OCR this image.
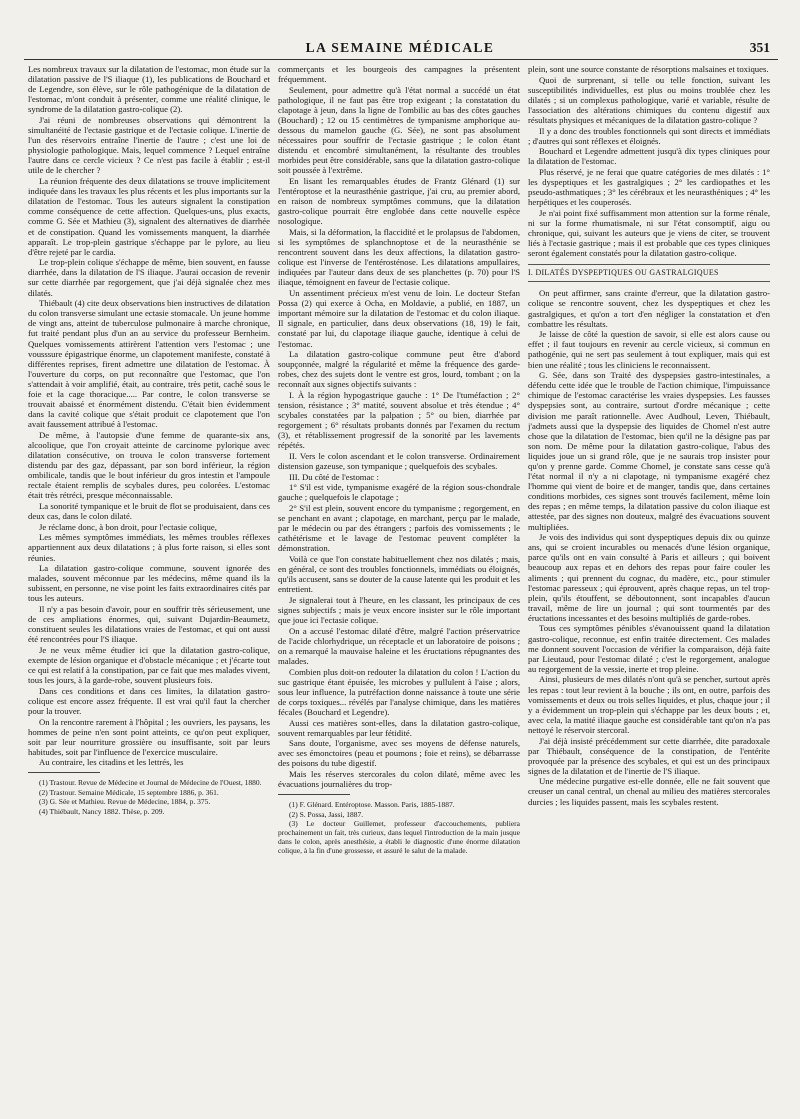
LA SEMAINE MÉDICALE	351

Les nombreux travaux sur la dilatation de l'estomac, mon étude sur la dilatation passive de l'S iliaque (1), les publications de Bouchard et de Legendre, son élève, sur le rôle pathogénique de la dilatation de l'estomac, m'ont conduit à présenter, comme une réalité clinique, le syndrome de la dilatation gastro-colique (2).

J'ai réuni de nombreuses observations qui démontrent la simultanéité de l'ectasie gastrique et de l'ectasie colique. L'inertie de l'un des réservoirs entraîne l'inertie de l'autre ; c'est une loi de physiologie pathologique. Mais, lequel commence ? Lequel entraîne l'autre dans ce cercle vicieux ? Ce n'est pas facile à établir ; est-il utile de le chercher ?

La réunion fréquente des deux dilatations se trouve implicitement indiquée dans les travaux les plus récents et les plus importants sur la dilatation de l'estomac. Tous les auteurs signalent la constipation comme conséquence de cette affection. Quelques-uns, plus exacts, comme G. Sée et Mathieu (3), signalent des alternatives de diarrhée et de constipation. Quand les vomissements manquent, la diarrhée apparaît. Le trop-plein gastrique s'échappe par le pylore, au lieu d'être rejeté par le cardia.

Le trop-plein colique s'échappe de même, bien souvent, en fausse diarrhée, dans la dilatation de l'S iliaque. J'aurai occasion de revenir sur cette diarrhée par regorgement, que j'ai déjà signalée chez mes dilatés.

Thiébault (4) cite deux observations bien instructives de dilatation du colon transverse simulant une ectasie stomacale. Un jeune homme de vingt ans, atteint de tuberculose pulmonaire à marche chronique, fut traité pendant plus d'un an au service du professeur Bernheim. Quelques vomissements attirèrent l'attention vers l'estomac ; une vousssure épigastrique énorme, un clapotement manifeste, constaté à différentes reprises, firent admettre une dilatation de l'estomac. À l'ouverture du corps, on put reconnaître que l'estomac, que l'on s'attendait à voir amplifié, était, au contraire, très petit, caché sous le foie et la cage thoracique..... Par contre, le colon transverse se trouvait abaissé et énormément distendu. C'était bien évidemment dans la cavité colique que s'était produit ce clapotement que l'on avait faussement attribué à l'estomac.

De même, à l'autopsie d'une femme de quarante-six ans, alcoolique, que l'on croyait atteinte de carcinome pylorique avec dilatation consécutive, on trouva le colon transverse fortement distendu par des gaz, dépassant, par son bord inférieur, la région ombilicale, tandis que le bout inférieur du gros intestin et l'ampoule rectale étaient remplis de scybales dures, peu colorées. L'estomac était très rétréci, presque méconnaissable.

La sonorité tympanique et le bruit de flot se produisaient, dans ces deux cas, dans le colon dilaté.

Je réclame donc, à bon droit, pour l'ectasie colique,

Les mêmes symptômes immédiats, les mêmes troubles réflexes appartiennent aux deux dilatations ; à plus forte raison, si elles sont réunies.

La dilatation gastro-colique commune, souvent ignorée des malades, souvent méconnue par les médecins, même quand ils la subissent, en personne, ne vise point les faits extraordinaires cités par tous les auteurs.

Il n'y a pas besoin d'avoir, pour en souffrir très sérieusement, une de ces ampliations énormes, qui, suivant Dujardin-Beaumetz, constituent seules les dilatations vraies de l'estomac, et qui ont aussi été rencontrées pour l'S iliaque.

Je ne veux même étudier ici que la dilatation gastro-colique, exempte de lésion organique et d'obstacle mécanique ; et j'écarte tout ce qui est relatif à la constipation, par ce fait que mes malades vivent, tous les jours, à la garde-robe, souvent plusieurs fois.

Dans ces conditions et dans ces limites, la dilatation gastro-colique est encore assez fréquente. Il est vrai qu'il faut la chercher pour la trouver.

On la rencontre rarement à l'hôpital ; les ouvriers, les paysans, les hommes de peine n'en sont point atteints, ce qu'on peut expliquer, soit par leur nourriture grossière ou insuffisante, soit par leurs habitudes, soit par l'influence de l'exercice musculaire.

Au contraire, les citadins et les lettrés, les

(1) Trastour. Revue de Médecine et Journal de Médecine de l'Ouest, 1880.

(2) Trastour. Semaine Médicale, 15 septembre 1886, p. 361.

(3) G. Sée et Mathieu. Revue de Médecine, 1884, p. 375.

(4) Thiébault, Nancy 1882. Thèse, p. 209.

commerçants et les bourgeois des campagnes la présentent fréquemment.

Seulement, pour admettre qu'à l'état normal a succédé un état pathologique, il ne faut pas être trop exigeant ; la constatation du clapotage à jeun, dans la ligne de l'ombilic au bas des côtes gauches (Bouchard) ; 12 ou 15 centimètres de tympanisme amphorique au-dessous du mamelon gauche (G. Sée), ne sont pas absolument nécessaires pour souffrir de l'ectasie gastrique ; le colon étant distendu et encombré simultanément, la résultante des troubles morbides peut être considérable, sans que la dilatation gastro-colique soit poussée à l'extrême.

En lisant les remarquables études de Frantz Glénard (1) sur l'entéroptose et la neurasthénie gastrique, j'ai cru, au premier abord, en raison de nombreux symptômes communs, que la dilatation gastro-colique pourrait être englobée dans cette nouvelle espèce nosologique.

Mais, si la déformation, la flaccidité et le prolapsus de l'abdomen, si les symptômes de splanchnoptose et de la neurasthénie se rencontrent souvent dans les deux affections, la dilatation gastro-colique est l'inverse de l'entérosténose. Les dilatations ampullaires, indiquées par l'auteur dans deux de ses planchettes (p. 70) pour l'S iliaque, témoignent en faveur de l'ectasie colique.

Un assentiment précieux m'est venu de loin. Le docteur Stefan Possa (2) qui exerce à Ocha, en Moldavie, a publié, en 1887, un important mémoire sur la dilatation de l'estomac et du colon iliaque. Il signale, en particulier, dans deux observations (18, 19) le fait, constaté par lui, du clapotage iliaque gauche, identique à celui de l'estomac.

La dilatation gastro-colique commune peut être d'abord soupçonnée, malgré la régularité et même la fréquence des garde-robes, chez des sujets dont le ventre est gros, lourd, tombant ; on la reconnaît aux signes objectifs suivants :

I. À la région hypogastrique gauche : 1° De l'tuméfaction ; 2° tension, résistance ; 3° matité, souvent absolue et très étendue ; 4° scybales constatées par la palpation ; 5° ou bien, diarrhée par regorgement ; 6° résultats probants donnés par l'examen du rectum (3), et rétablissement progressif de la sonorité par les lavements répétés.

II. Vers le colon ascendant et le colon transverse. Ordinairement distension gazeuse, son tympanique ; quelquefois des scybales.

III. Du côté de l'estomac :

1° S'il est vide, tympanisme exagéré de la région sous-chondrale gauche ; quelquefois le clapotage ;

2° S'il est plein, souvent encore du tympanisme ; regorgement, en se penchant en avant ; clapotage, en marchant, perçu par le malade, par le médecin ou par des étrangers ; parfois des vomissements ; le cathétérisme et le lavage de l'estomac peuvent compléter la démonstration.

Voilà ce que l'on constate habituellement chez nos dilatés ; mais, en général, ce sont des troubles fonctionnels, immédiats ou éloignés, qu'ils accusent, sans se douter de la cause latente qui les produit et les entretient.

Je signalerai tout à l'heure, en les classant, les principaux de ces signes subjectifs ; mais je veux encore insister sur le rôle important que joue ici l'ectasie colique.

On a accusé l'estomac dilaté d'être, malgré l'action préservatrice de l'acide chlorhydrique, un réceptacle et un laboratoire de poisons ; on a remarqué la mauvaise haleine et les éructations répugnantes des malades.

Combien plus doit-on redouter la dilatation du colon ! L'action du suc gastrique étant épuisée, les microbes y pullulent à l'aise ; alors, sous leur influence, la putréfaction donne naissance à toute une série de corps toxiques... révélés par l'analyse chimique, dans les matières fécales (Bouchard et Legendre).

Aussi ces matières sont-elles, dans la dilatation gastro-colique, souvent remarquables par leur fétidité.

Sans doute, l'organisme, avec ses moyens de défense naturels, avec ses émonctoires (peau et poumons ; foie et reins), se débarrasse des poisons du tube digestif.

Mais les réserves stercorales du colon dilaté, même avec les évacuations journalières du trop-

(1) F. Glénard. Entéroptose. Masson. Paris, 1885-1887.

(2) S. Possa, Jassi, 1887.

(3) Le docteur Guillemet, professeur d'accouchements, publiera prochainement un fait, très curieux, dans lequel l'introduction de la main jusque dans le colon, après anesthésie, a établi le diagnostic d'une énorme dilatation colique, à la fin d'une grossesse, et assuré le salut de la malade.

plein, sont une source constante de résorptions malsaines et toxiques.

Quoi de surprenant, si telle ou telle fonction, suivant les susceptibilités individuelles, est plus ou moins troublée chez les dilatés ; si un complexus pathologique, varié et variable, résulte de l'association des altérations chimiques du contenu digestif aux résultats physiques et mécaniques de la dilatation gastro-colique ?

Il y a donc des troubles fonctionnels qui sont directs et immédiats ; d'autres qui sont réflexes et éloignés.

Bouchard et Legendre admettent jusqu'à dix types cliniques pour la dilatation de l'estomac.

Plus réservé, je ne ferai que quatre catégories de mes dilatés : 1° les dyspeptiques et les gastralgiques ; 2° les cardiopathes et les pseudo-asthmatiques ; 3° les cérébraux et les neurasthéniques ; 4° les herpétiques et les couperosés.

Je n'ai point fixé suffisamment mon attention sur la forme rénale, ni sur la forme rhumatismale, ni sur l'état consomptif, aigu ou chronique, qui, suivant les auteurs que je viens de citer, se trouvent liés à l'ectasie gastrique ; mais il est probable que ces types cliniques seront également constatés pour la dilatation gastro-colique.

I. DILATÉS DYSPEPTIQUES OU GASTRALGIQUES

On peut affirmer, sans crainte d'erreur, que la dilatation gastro-colique se rencontre souvent, chez les dyspeptiques et chez les gastralgiques, et qu'on a tort d'en négliger la constatation et d'en combattre les résultats.

Je laisse de côté la question de savoir, si elle est alors cause ou effet ; il faut toujours en revenir au cercle vicieux, si commun en pathogénie, qui ne sert pas seulement à tout expliquer, mais qui est bien une réalité ; tous les cliniciens le reconnaissent.

G. Sée, dans son Traité des dyspepsies gastro-intestinales, a défendu cette idée que le trouble de l'action chimique, l'impuissance chimique de l'estomac caractérise les vraies dyspepsies. Les fausses dyspepsies sont, au contraire, surtout d'ordre mécanique ; cette division me paraît rationnelle. Avec Audhoul, Leven, Thiébault, j'admets aussi que la dyspepsie des liquides de Chomel n'est autre chose que la dilatation de l'estomac, bien qu'il ne la désigne pas par son nom. De même pour la dilatation gastro-colique, l'abus des liquides joue un si grand rôle, que je ne saurais trop insister pour qu'on y prenne garde. Comme Chomel, je constate sans cesse qu'à l'état normal il n'y a ni clapotage, ni tympanisme exagéré chez l'homme qui vient de boire et de manger, tandis que, dans certaines conditions morbides, ces signes sont trouvés facilement, même loin des repas ; en même temps, la dilatation passive du colon iliaque est attestée, par des signes non douteux, malgré des évacuations souvent multipliées.

Je vois des individus qui sont dyspeptiques depuis dix ou quinze ans, qui se croient incurables ou menacés d'une lésion organique, parce qu'ils ont en vain consulté à Paris et ailleurs ; qui boivent beaucoup aux repas et en dehors des repas pour faire couler les aliments ; qui prennent du cognac, du madère, etc., pour stimuler l'estomac paresseux ; qui éprouvent, après chaque repas, un tel trop-plein, qu'ils étouffent, se déboutonnent, sont incapables d'aucun travail, même de lire un journal ; qui sont tourmentés par des éructations incessantes et des besoins multipliés de garde-robes.

Tous ces symptômes pénibles s'évanouissent quand la dilatation gastro-colique, reconnue, est enfin traitée directement. Ces malades me donnent souvent l'occasion de vérifier la comparaison, déjà faite par Lieutaud, pour l'estomac dilaté ; c'est le regorgement, analogue au regorgement de la vessie, inerte et trop pleine.

Ainsi, plusieurs de mes dilatés n'ont qu'à se pencher, surtout après les repas : tout leur revient à la bouche ; ils ont, en outre, parfois des vomissements et deux ou trois selles liquides, et plus, chaque jour ; il y a évidemment un trop-plein qui s'échappe par les deux bouts ; et, avec cela, la matité iliaque gauche est considérable tant qu'on n'a pas nettoyé le réservoir stercoral.

J'ai déjà insisté précédemment sur cette diarrhée, dite paradoxale par Thiébault, conséquence de la constipation, de l'entérite provoquée par la présence des scybales, et qui est un des principaux signes de la dilatation et de l'inertie de l'S iliaque.

Une médecine purgative est-elle donnée, elle ne fait souvent que creuser un canal central, un chenal au milieu des matières stercorales durcies ; les liquides passent, mais les scybales restent.
